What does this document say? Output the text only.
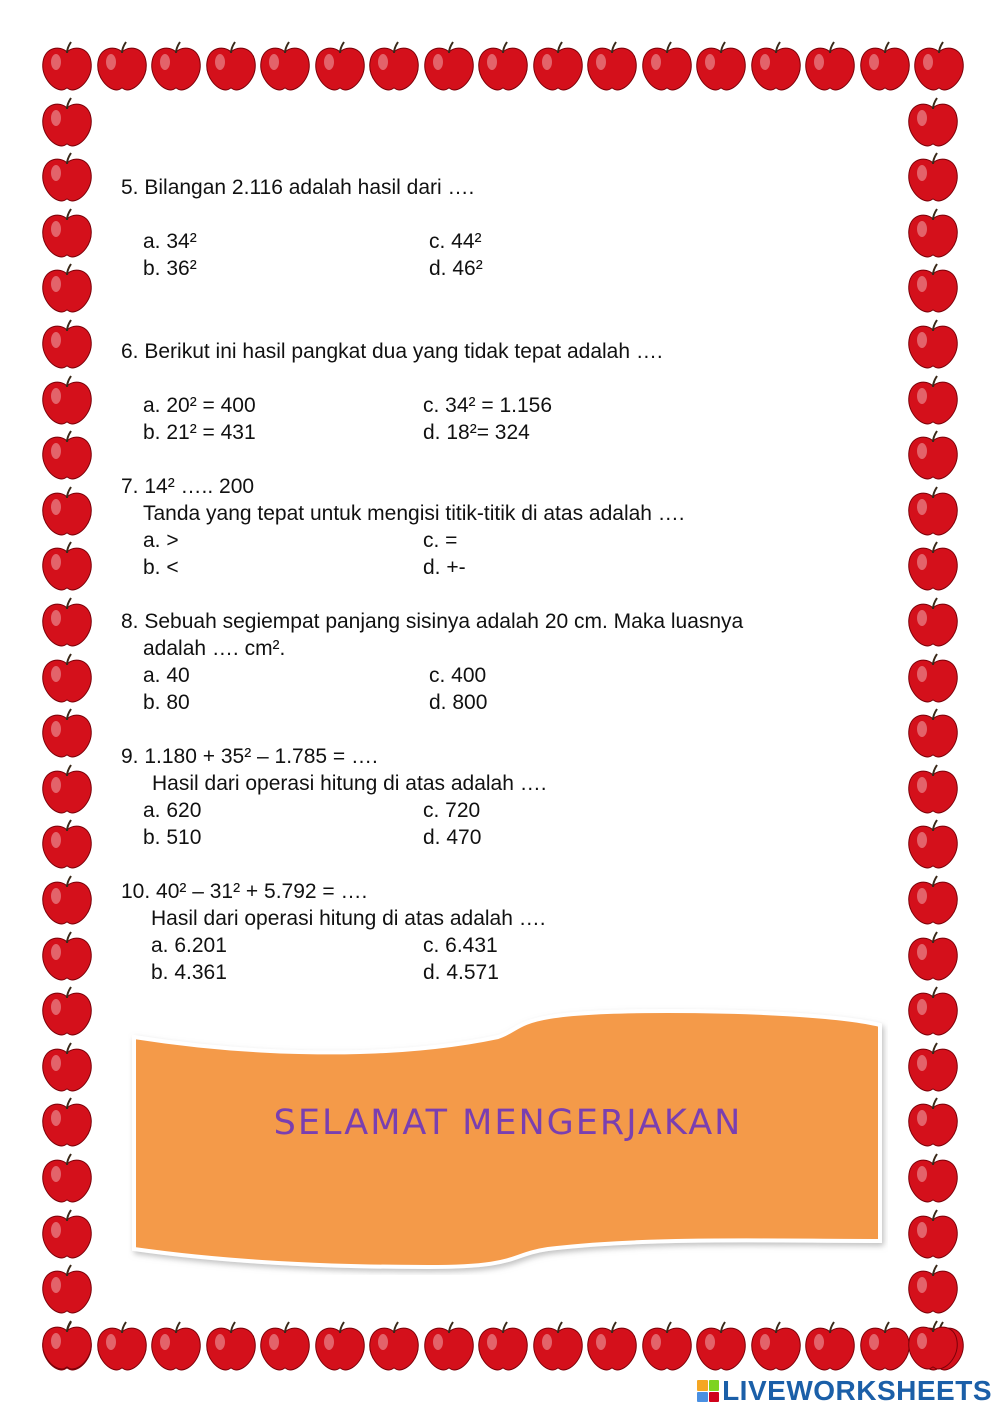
5. Bilangan 2.116 adalah hasil dari ….
a. 34²
b. 36²
c. 44²
d. 46²
6. Berikut ini hasil pangkat dua yang tidak tepat adalah ….
a. 20² = 400
b. 21² = 431
c. 34² = 1.156
d. 18²= 324
7. 14² ….. 200
Tanda yang tepat untuk mengisi titik-titik di atas adalah ….
a. >
b. <
c. =
d. +-
8. Sebuah segiempat panjang sisinya adalah 20 cm. Maka luasnya
adalah …. cm².
a. 40
b. 80
c. 400
d. 800
9. 1.180 + 35² – 1.785 = ….
Hasil dari operasi hitung di atas adalah ….
a. 620
b. 510
c. 720
d. 470
10. 40² – 31² + 5.792 = ….
Hasil dari operasi hitung di atas adalah ….
a. 6.201
b. 4.361
c. 6.431
d. 4.571
SELAMAT MENGERJAKAN
LIVEWORKSHEETS
